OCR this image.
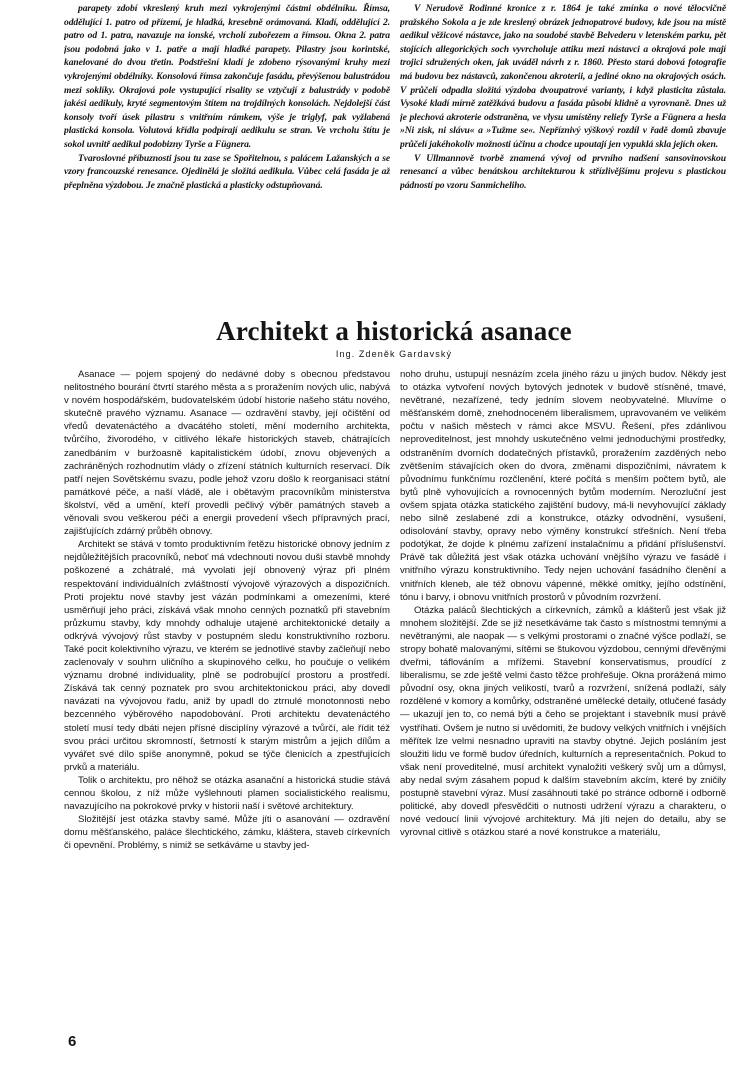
parapety zdobí vkreslený kruh mezi vykrojenými částmi obdélníku. Římsa, oddělující 1. patro od přízemí, je hladká, kresebně orámovaná. Kladí, oddělující 2. patro od 1. patra, navazuje na ionské, vrcholí zubořezem a římsou. Okna 2. patra jsou podobná jako v 1. patře a mají hladké parapety. Pilastry jsou korintské, kanelované do dvou třetin. Podstřešní kladí je zdobeno rýsovanými kruhy mezi vykrojenými obdélníky. Konsolová římsa zakončuje fasádu, převýšenou balustrádou mezi soklíky. Okrajová pole vystupující risality se vztyčují z balustrády v podobě jakési aedikuly, kryté segmentovým štítem na trojdílných konsolách. Nejdolejší část konsoly tvoří úsek pilastru s vnitřním rámkem, výše je triglyf, pak vyžlabená plastická konsola. Volutová křídla podpírají aedikulu se stran. Ve vrcholu štítu je sokol uvnitř aedikul podobizny Tyrše a Fügnera.

Tvaroslovné příbuznosti jsou tu zase se Spořitelnou, s palácem Lažanských a se vzory francouzské renesance. Ojedinělá je složitá aedikula. Vůbec celá fasáda je až přeplněna výzdobou. Je značně plastická a plasticky odstupňovaná.

V Nerudově Rodinné kronice z r. 1864 je také zmínka o nové tělocvičně pražského Sokola a je zde kreslený obrázek jednopatrové budovy, kde jsou na místě aedikul věžicové nástavce, jako na soudobé stavbě Belvederu v letenském parku, pět stojících allegorických soch vyvrcholuje attiku mezi nástavci a okrajová pole mají trojici sdružených oken, jak uváděl návrh z r. 1860. Přesto stará dobová fotografie má budovu bez nástavců, zakončenou akroterii, a jediné okno na okrajových osách. V průčelí odpadla složitá výzdoba dvoupatrové varianty, i když plasticita zůstala. Vysoké kladí mírně zatěžkává budovu a fasáda působí klidně a vyrovnaně. Dnes už je plechová akroterie odstraněna, ve vlysu umístěny reliefy Tyrše a Fügnera a hesla »Ni zisk, ni slávu« a »Tužme se«. Nepříznivý výškový rozdíl v řadě domů zbavuje průčelí jakéhokoliv možnosti účinu a chodce upoutají jen vypuklá skla jejích oken.

V Ullmannově tvorbě znamená vývoj od prvního nadšení sansovinovskou renesancí a vůbec benátskou architekturou k střízlivějšímu projevu s plastickou pádností po vzoru Sanmicheliho.

Architekt a historická asanace
Ing. Zdeněk Gardavský

Asanace — pojem spojený do nedávné doby s obecnou představou nelitostného bourání čtvrtí starého města a s proražením nových ulic, nabývá v novém hospodářském, budovatelském údobí historie našeho státu nového, skutečně pravého významu. Asanace — ozdravění stavby, její očištění od vředů devatenáctého a dvacátého století, mění moderního architekta, tvůrčího, živorodého, v citlivého lékaře historických staveb, chátrajících zanedbáním v buržoasně kapitalistickém údobí, znovu objevených a zachráněných rozhodnutím vlády o zřízení státních kulturních reservací. Dík patří nejen Sovětskému svazu, podle jehož vzoru došlo k reorganisaci státní památkové péče, a naší vládě, ale i obětavým pracovníkům ministerstva školství, věd a umění, kteří provedli pečlivý výběr památných staveb a věnovali svou veškerou péči a energii provedení všech přípravných prací, zajišťujících zdárný průběh obnovy.

Architekt se stává v tomto produktivním řetězu historické obnovy jedním z nejdůležitějších pracovníků, neboť má vdechnouti novou duši stavbě mnohdy poškozené a zchátralé, má vyvolati její obnovený výraz při plném respektování individuálních zvláštností vývojově výrazových a dispozičních. Proti projektu nové stavby jest vázán podmínkami a omezeními, které usměrňují jeho práci, získává však mnoho cenných poznatků při stavebním průzkumu stavby, kdy mnohdy odhaluje utajené architektonické detaily a odkrývá vývojový růst stavby v postupném sledu konstruktivního rozboru. Také pocit kolektivního výrazu, ve kterém se jednotlivé stavby začleňují nebo zaclenovaly v souhrn uličního a skupinového celku, ho poučuje o velikém významu drobné individuality, plně se podrobující prostoru a prostředí. Získává tak cenný poznatek pro svou architektonickou práci, aby dovedl navázati na vývojovou řadu, aniž by upadl do ztrnulé monotonnosti nebo bezcenného výběrového napodobování. Proti architektu devatenáctého století musí tedy dbáti nejen přísné disciplíny výrazové a tvůrčí, ale řídit též svou práci určitou skromností, šetrností k starým mistrům a jejich dílům a vyvářet své dílo spíše anonymně, pokud se týče členicích a zpestřujících prvků a materiálu.

Tolik o architektu, pro něhož se otázka asanační a historická studie stává cennou školou, z níž může vyšlehnouti plamen socialistického realismu, navazujícího na pokrokové prvky v historii naší i světové architektury.

Složitější jest otázka stavby samé. Může jíti o asanování — ozdravění domu měšťanského, paláce šlechtického, zámku, kláštera, staveb církevních či opevnění. Problémy, s nimiž se setkáváme u stavby jed-

noho druhu, ustupují nesnázím zcela jiného rázu u jiných budov. Někdy jest to otázka vytvoření nových bytových jednotek v budově stísněné, tmavé, nevětrané, nezařízené, tedy jedním slovem neobyvatelné. Mluvíme o měšťanském domě, znehodnoceném liberalismem, upravovaném ve velikém počtu v našich městech v rámci akce MSVU. Řešení, přes zdánlivou neproveditelnost, jest mnohdy uskutečněno velmi jednoduchými prostředky, odstraněním dvorních dodatečných přístavků, proražením zazděných nebo zvětšením stávajících oken do dvora, změnami dispozičními, návratem k původnímu funkčnímu rozčlenění, které počítá s menším počtem bytů, ale bytů plně vyhovujících a rovnocenných bytům moderním. Nerozluční jest ovšem spjata otázka statického zajištění budovy, má-li nevyhovující základy nebo silně zeslabené zdi a konstrukce, otázky odvodnění, vysušení, odisolování stavby, opravy nebo výměny konstrukcí střešních. Není třeba podotýkat, že dojde k plnému zařízení instalačnímu a přidání příslušenství. Právě tak důležitá jest však otázka uchování vnějšího výrazu ve fasádě i vnitřního výrazu konstruktivního. Tedy nejen uchování fasádního členění a vnitřních kleneb, ale též obnovu vápenné, měkké omítky, jejího odstínění, tónu i barvy, i obnovu vnitřních prostorů v původním rozvržení.

Otázka paláců šlechtických a církevních, zámků a klášterů jest však již mnohem složitější. Zde se již nesetkáváme tak často s místnostmi temnými a nevětranými, ale naopak — s velkými prostorami o značné výšce podlaží, se stropy bohatě malovanými, sítěmi se štukovou výzdobou, cennými dřevěnými dveřmi, táflováním a mřížemi. Stavební konservatismus, proudící z liberalismu, se zde ještě velmi často těžce prohřešuje. Okna prorážená mimo původní osy, okna jiných velikostí, tvarů a rozvržení, snížená podlaží, sály rozdělené v komory a komůrky, odstraněné umělecké detaily, otlučené fasády — ukazují jen to, co nemá býti a čeho se projektant i stavebník musí právě vystříhati. Ovšem je nutno si uvědomiti, že budovy velkých vnitřních i vnějších měřítek lze velmi nesnadno upraviti na stavby obytné. Jejich posláním jest sloužiti lidu ve formě budov úředních, kulturních a representačních. Pokud to však není proveditelné, musí architekt vynaložiti veškerý svůj um a důmysl, aby nedal svým zásahem popud k dalším stavebním akcím, které by zničily postupně stavební výraz. Musí zasáhnouti také po stránce odborně i odborně politické, aby dovedl přesvědčiti o nutnosti udržení výrazu a charakteru, o nové vedoucí linii vývojové architektury. Má jíti nejen do detailu, aby se vyrovnal citlivě s otázkou staré a nové konstrukce a materiálu,

6
